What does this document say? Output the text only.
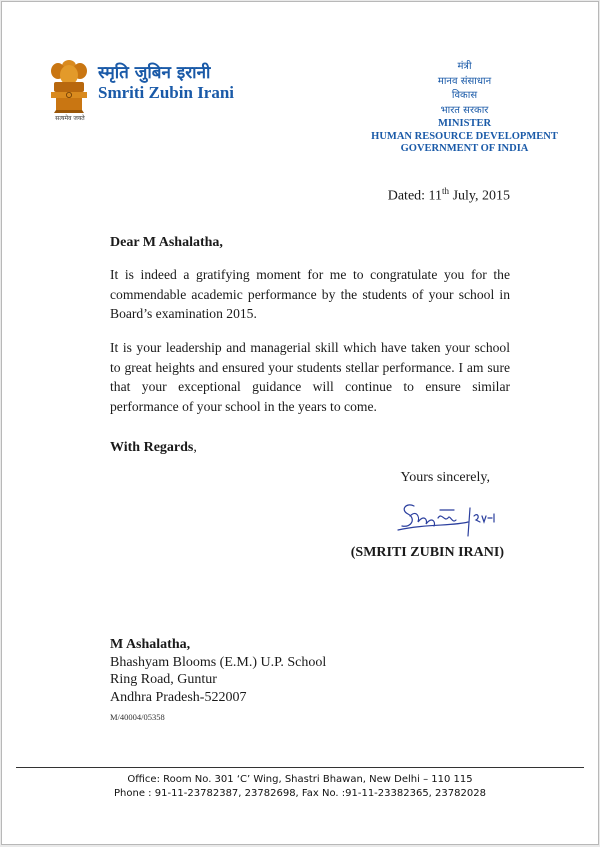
सत्यमेव जयते
स्मृति जुबिन इरानी
Smriti Zubin Irani
मंत्री
मानव संसाधान
विकास
भारत सरकार
MINISTER
HUMAN RESOURCE DEVELOPMENT
GOVERNMENT OF INDIA
Dated: 11th July, 2015
Dear M Ashalatha,

It is indeed a gratifying moment for me to congratulate you for the commendable academic performance by the students of your school in Board’s examination 2015.

It is your leadership and managerial skill which have taken your school to great heights and ensured your students stellar performance. I am sure that your exceptional guidance will continue to ensure similar performance of your school in the years to come.

With Regards,
Yours sincerely,
(SMRITI ZUBIN IRANI)
M Ashalatha,
Bhashyam Blooms (E.M.) U.P. School
Ring Road, Guntur
Andhra Pradesh-522007
M/40004/05358
Office: Room No. 301 ‘C’ Wing, Shastri Bhawan, New Delhi – 110 115
Phone : 91-11-23782387, 23782698, Fax No. :91-11-23382365, 23782028
